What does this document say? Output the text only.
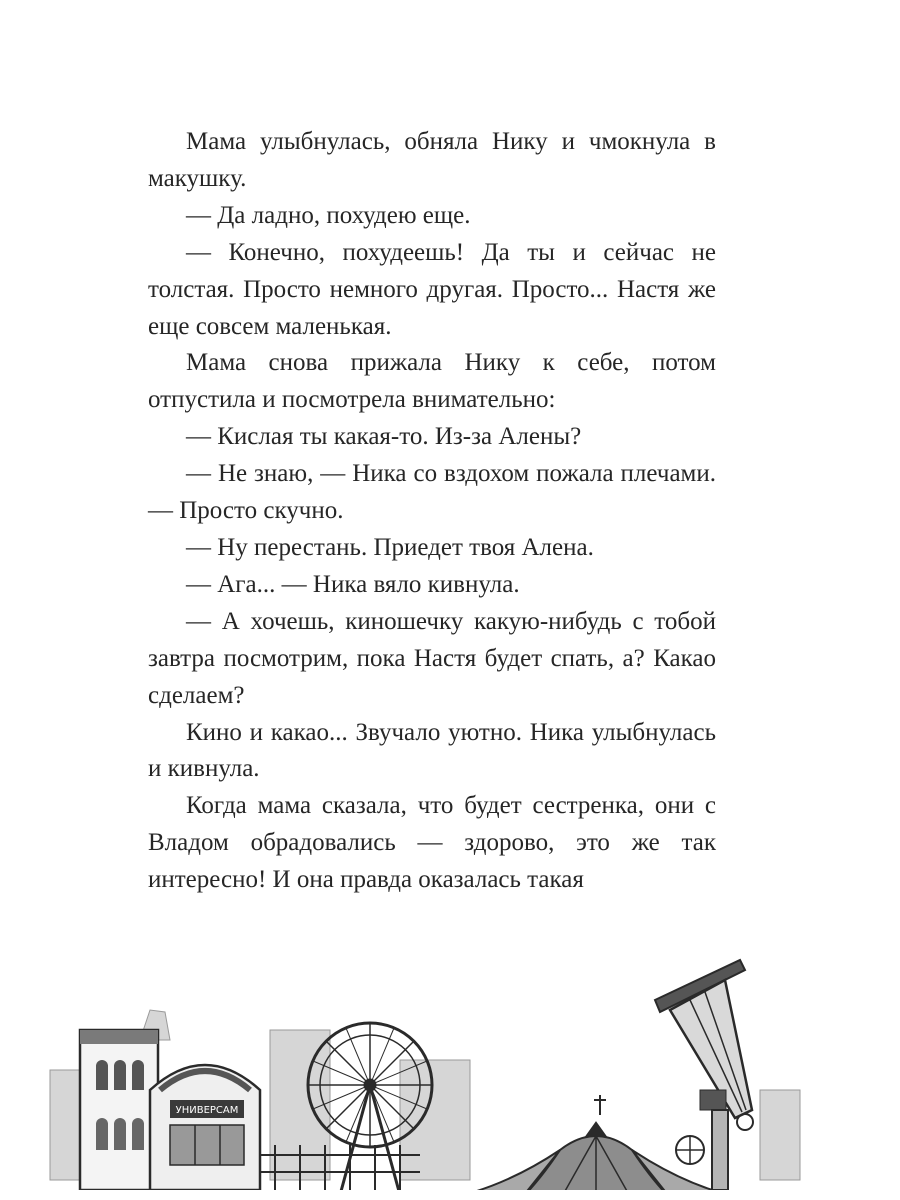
Мама улыбнулась, обняла Нику и чмокнула в макушку.

— Да ладно, похудею еще.

— Конечно, похудеешь! Да ты и сейчас не толстая. Просто немного другая. Просто... Настя же еще совсем маленькая.

Мама снова прижала Нику к себе, потом отпустила и посмотрела внимательно:

— Кислая ты какая-то. Из-за Алены?

— Не знаю, — Ника со вздохом пожала плечами. — Просто скучно.

— Ну перестань. Приедет твоя Алена.

— Ага... — Ника вяло кивнула.

— А хочешь, киношечку какую-нибудь с тобой завтра посмотрим, пока Настя будет спать, а? Какао сделаем?

Кино и какао... Звучало уютно. Ника улыбнулась и кивнула.

Когда мама сказала, что будет сестренка, они с Владом обрадовались — здорово, это же так интересно! И она правда оказалась такая

УНИВЕРСАМ
